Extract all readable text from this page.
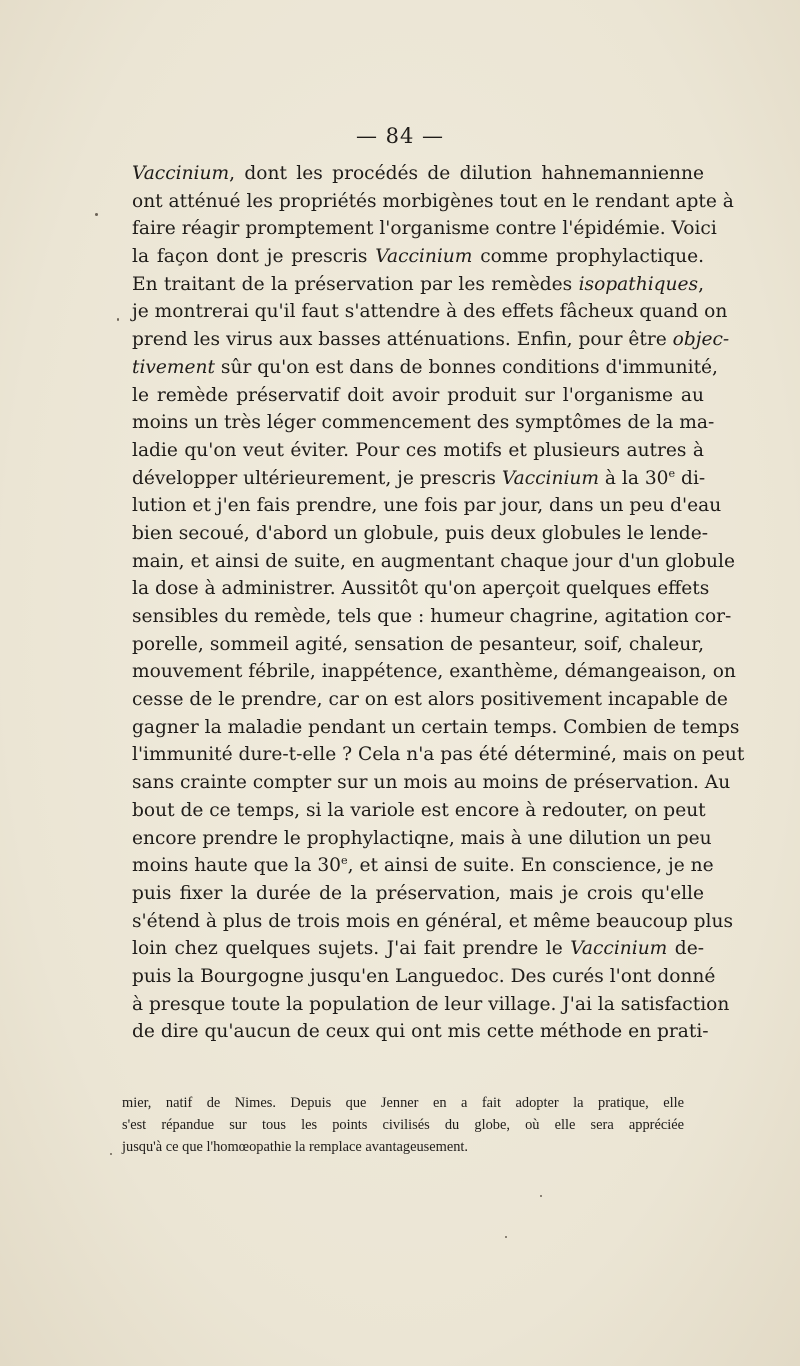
— 84 —
Vaccinium, dont les procédés de dilution hahnemannienne
ont atténué les propriétés morbigènes tout en le rendant apte à
faire réagir promptement l'organisme contre l'épidémie. Voici
la façon dont je prescris Vaccinium comme prophylactique.
En traitant de la préservation par les remèdes isopathiques,
je montrerai qu'il faut s'attendre à des effets fâcheux quand on
prend les virus aux basses atténuations. Enfin, pour être objec-
tivement sûr qu'on est dans de bonnes conditions d'immunité,
le remède préservatif doit avoir produit sur l'organisme au
moins un très léger commencement des symptômes de la ma-
ladie qu'on veut éviter. Pour ces motifs et plusieurs autres à
développer ultérieurement, je prescris Vaccinium à la 30e di-
lution et j'en fais prendre, une fois par jour, dans un peu d'eau
bien secoué, d'abord un globule, puis deux globules le lende-
main, et ainsi de suite, en augmentant chaque jour d'un globule
la dose à administrer. Aussitôt qu'on aperçoit quelques effets
sensibles du remède, tels que : humeur chagrine, agitation cor-
porelle, sommeil agité, sensation de pesanteur, soif, chaleur,
mouvement fébrile, inappétence, exanthème, démangeaison, on
cesse de le prendre, car on est alors positivement incapable de
gagner la maladie pendant un certain temps. Combien de temps
l'immunité dure-t-elle ? Cela n'a pas été déterminé, mais on peut
sans crainte compter sur un mois au moins de préservation. Au
bout de ce temps, si la variole est encore à redouter, on peut
encore prendre le prophylactiqne, mais à une dilution un peu
moins haute que la 30e, et ainsi de suite. En conscience, je ne
puis fixer la durée de la préservation, mais je crois qu'elle
s'étend à plus de trois mois en général, et même beaucoup plus
loin chez quelques sujets. J'ai fait prendre le Vaccinium de-
puis la Bourgogne jusqu'en Languedoc. Des curés l'ont donné
à presque toute la population de leur village. J'ai la satisfaction
de dire qu'aucun de ceux qui ont mis cette méthode en prati-
mier, natif de Nimes. Depuis que Jenner en a fait adopter la pratique, elle
s'est répandue sur tous les points civilisés du globe, où elle sera appréciée
jusqu'à ce que l'homœopathie la remplace avantageusement.
